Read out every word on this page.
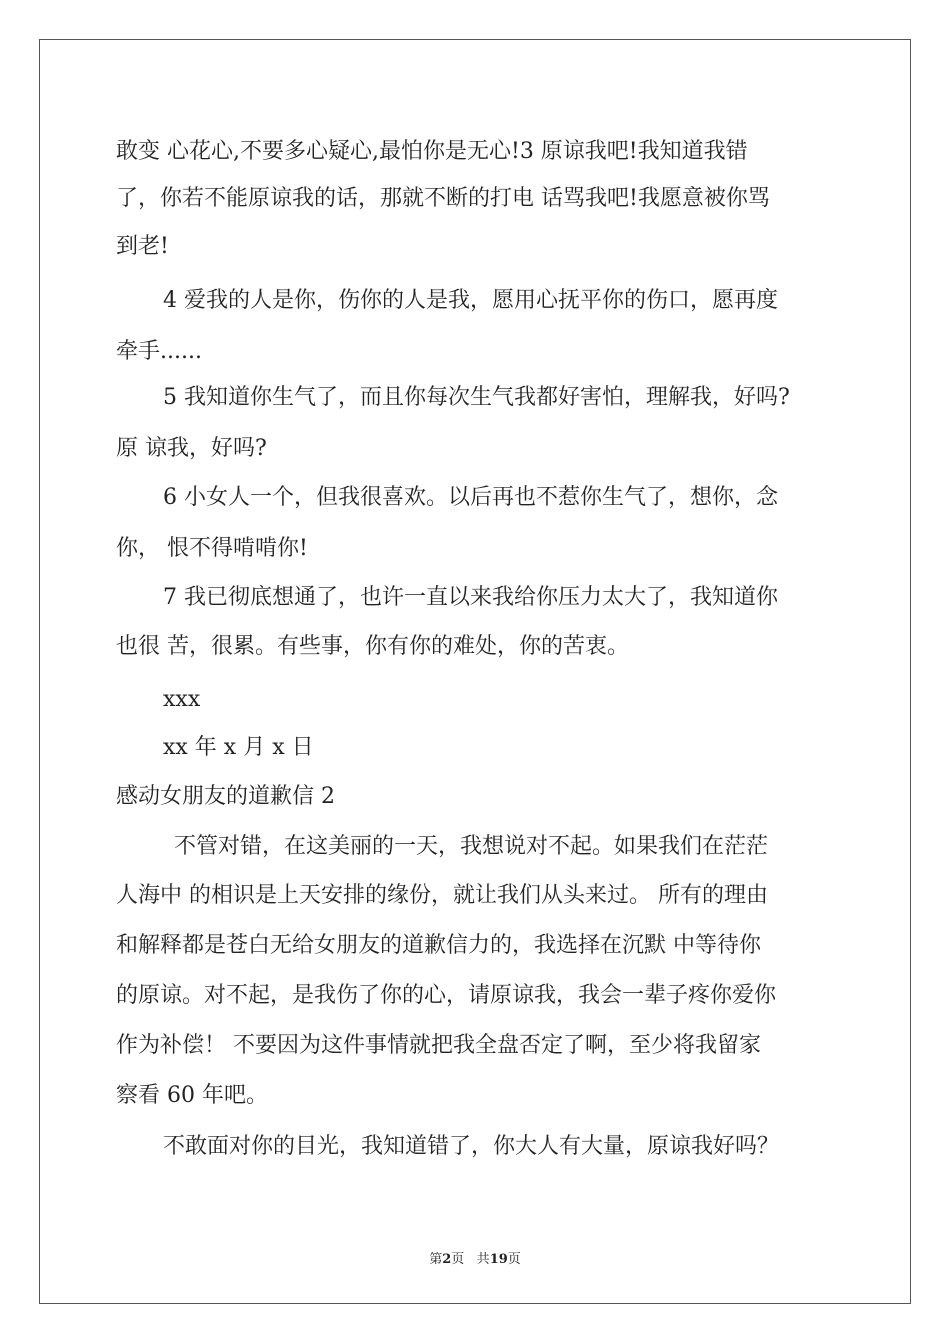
敢变 心花心,不要多心疑心,最怕你是无心!3 原谅我吧!我知道我错
了，你若不能原谅我的话，那就不断的打电 话骂我吧!我愿意被你骂
到老!
4 爱我的人是你，伤你的人是我，愿用心抚平你的伤口，愿再度
牵手......
5 我知道你生气了，而且你每次生气我都好害怕，理解我，好吗?
原 谅我，好吗?
6 小女人一个，但我很喜欢。以后再也不惹你生气了，想你，念
你， 恨不得啃啃你!
7 我已彻底想通了，也许一直以来我给你压力太大了，我知道你
也很 苦，很累。有些事，你有你的难处，你的苦衷。
xxx
xx 年 x 月 x 日
感动女朋友的道歉信 2
不管对错，在这美丽的一天，我想说对不起。如果我们在茫茫
人海中 的相识是上天安排的缘份，就让我们从头来过。 所有的理由
和解释都是苍白无给女朋友的道歉信力的，我选择在沉默 中等待你
的原谅。对不起，是我伤了你的心，请原谅我，我会一辈子疼你爱你
作为补偿！ 不要因为这件事情就把我全盘否定了啊，至少将我留家
察看 60 年吧。
不敢面对你的目光，我知道错了，你大人有大量，原谅我好吗？
第2页 共19页
